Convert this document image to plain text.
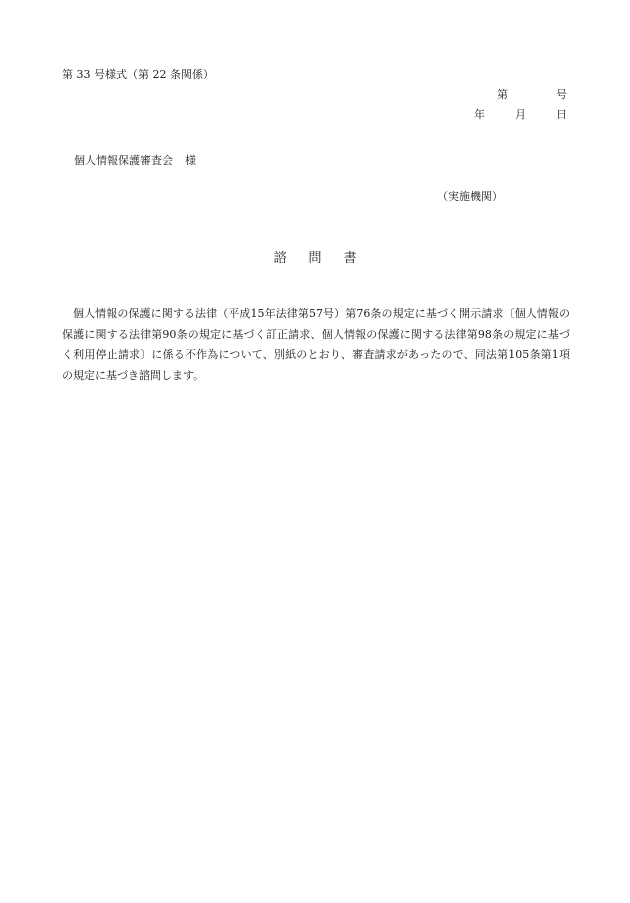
第 33 号様式（第 22 条関係）
第	号
年	月	日
個人情報保護審査会 様
（実施機関）
諮問書
個人情報の保護に関する法律（平成15年法律第57号）第76条の規定に基づく開示請求〔個人情報の保護に関する法律第90条の規定に基づく訂正請求、個人情報の保護に関する法律第98条の規定に基づく利用停止請求〕に係る不作為について、別紙のとおり、審査請求があったので、同法第105条第1項の規定に基づき諮問します。
